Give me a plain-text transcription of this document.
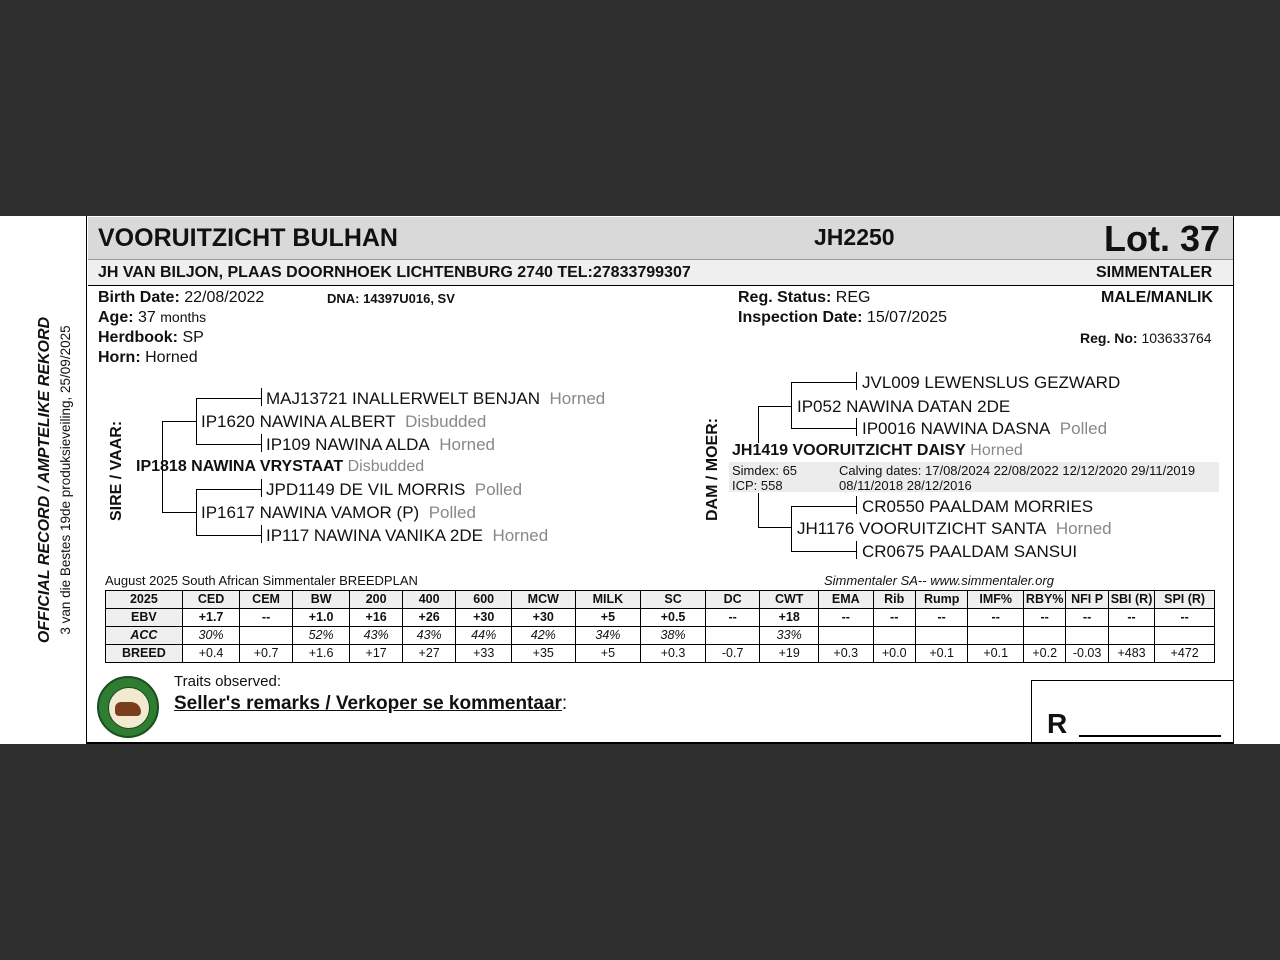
OFFICIAL RECORD / AMPTELIKE REKORD 3 van die Bestes 19de produksieveiling, 25/09/2025
VOORUITZICHT BULHAN	JH2250	Lot. 37
JH VAN BILJON, PLAAS DOORNHOEK LICHTENBURG 2740 TEL:27833799307	SIMMENTALER
Birth Date: 22/08/2022	DNA: 14397U016, SV
Age: 37 months
Herdbook: SP
Horn: Horned
Reg. Status: REG
Inspection Date: 15/07/2025
MALE/MANLIK
Reg. No: 103633764
SIRE / VAAR:
MAJ13721 INALLERWELT BENJAN Horned
IP1620 NAWINA ALBERT Disbudded
IP109 NAWINA ALDA Horned
IP1818 NAWINA VRYSTAAT Disbudded
JPD1149 DE VIL MORRIS Polled
IP1617 NAWINA VAMOR (P) Polled
IP117 NAWINA VANIKA 2DE Horned
DAM / MOER:
JVL009 LEWENSLUS GEZWARD
IP052 NAWINA DATAN 2DE
IP0016 NAWINA DASNA Polled
JH1419 VOORUITZICHT DAISY Horned
Simdex: 65
ICP: 558
Calving dates: 17/08/2024 22/08/2022 12/12/2020 29/11/2019
08/11/2018 28/12/2016
CR0550 PAALDAM MORRIES
JH1176 VOORUITZICHT SANTA Horned
CR0675 PAALDAM SANSUI
August 2025 South African Simmentaler BREEDPLAN	Simmentaler SA-- www.simmentaler.org
2025	CED	CEM	BW	200	400	600	MCW	MILK	SC	DC	CWT	EMA	Rib	Rump	IMF%	RBY%	NFI P	SBI (R)	SPI (R)
EBV	+1.7	--	+1.0	+16	+26	+30	+30	+5	+0.5	--	+18	--	--	--	--	--	--	--	--
ACC	30%		52%	43%	43%	44%	42%	34%	38%		33%								
BREED	+0.4	+0.7	+1.6	+17	+27	+33	+35	+5	+0.3	-0.7	+19	+0.3	+0.0	+0.1	+0.1	+0.2	-0.03	+483	+472
Traits observed:
Seller's remarks / Verkoper se kommentaar:
R
